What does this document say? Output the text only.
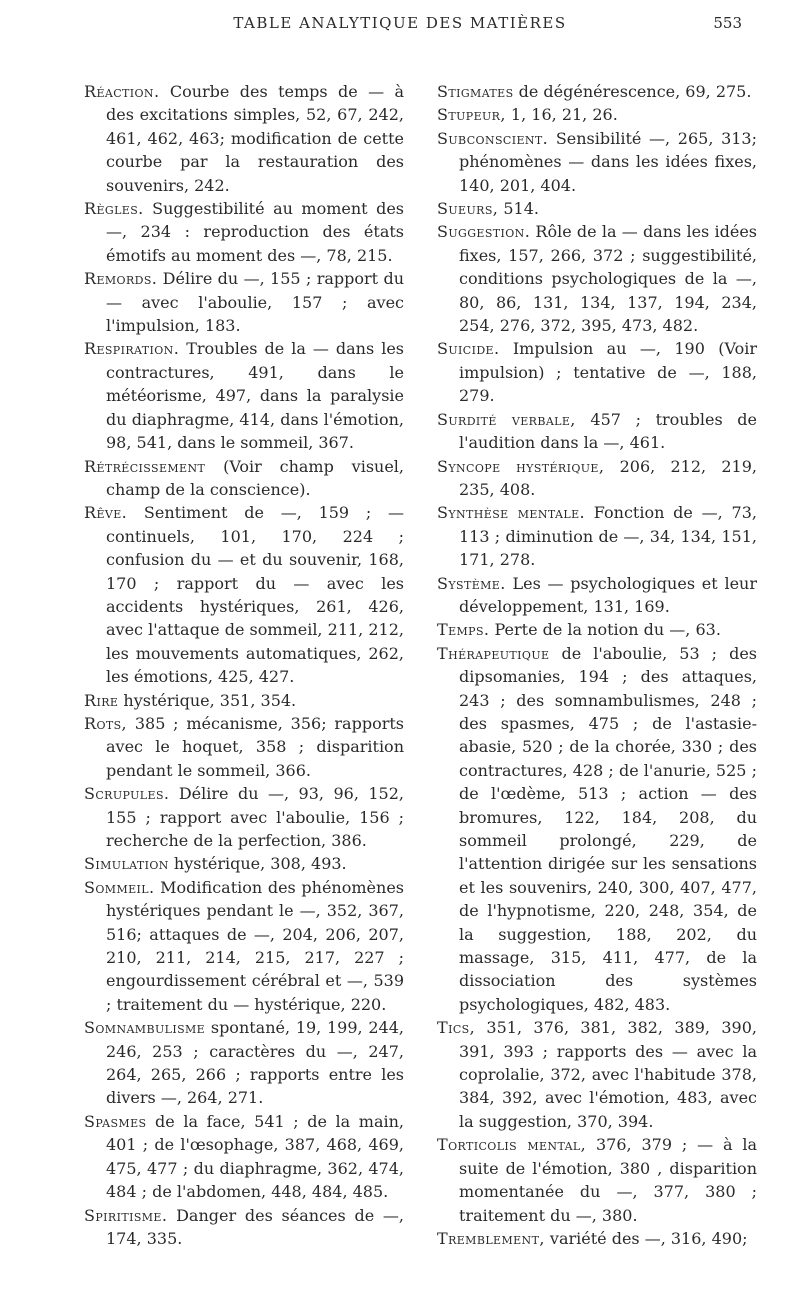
TABLE ANALYTIQUE DES MATIÈRES	553

Réaction. Courbe des temps de — à des excitations simples, 52, 67, 242, 461, 462, 463; modification de cette courbe par la restauration des souvenirs, 242.

Règles. Suggestibilité au moment des —, 234 : reproduction des états émotifs au moment des —, 78, 215.

Remords. Délire du —, 155 ; rapport du — avec l'aboulie, 157 ; avec l'impulsion, 183.

Respiration. Troubles de la — dans les contractures, 491, dans le météorisme, 497, dans la paralysie du diaphragme, 414, dans l'émotion, 98, 541, dans le sommeil, 367.

Rétrécissement (Voir champ visuel, champ de la conscience).

Rêve. Sentiment de —, 159 ; — continuels, 101, 170, 224 ; confusion du — et du souvenir, 168, 170 ; rapport du — avec les accidents hystériques, 261, 426, avec l'attaque de sommeil, 211, 212, les mouvements automatiques, 262, les émotions, 425, 427.

Rire hystérique, 351, 354.

Rots, 385 ; mécanisme, 356; rapports avec le hoquet, 358 ; disparition pendant le sommeil, 366.

Scrupules. Délire du —, 93, 96, 152, 155 ; rapport avec l'aboulie, 156 ; recherche de la perfection, 386.

Simulation hystérique, 308, 493.

Sommeil. Modification des phénomènes hystériques pendant le —, 352, 367, 516; attaques de —, 204, 206, 207, 210, 211, 214, 215, 217, 227 ; engourdissement cérébral et —, 539 ; traitement du — hystérique, 220.

Somnambulisme spontané, 19, 199, 244, 246, 253 ; caractères du —, 247, 264, 265, 266 ; rapports entre les divers —, 264, 271.

Spasmes de la face, 541 ; de la main, 401 ; de l'œsophage, 387, 468, 469, 475, 477 ; du diaphragme, 362, 474, 484 ; de l'abdomen, 448, 484, 485.

Spiritisme. Danger des séances de —, 174, 335.

Stigmates de dégénérescence, 69, 275.

Stupeur, 1, 16, 21, 26.

Subconscient. Sensibilité —, 265, 313; phénomènes — dans les idées fixes, 140, 201, 404.

Sueurs, 514.

Suggestion. Rôle de la — dans les idées fixes, 157, 266, 372 ; suggestibilité, conditions psychologiques de la —, 80, 86, 131, 134, 137, 194, 234, 254, 276, 372, 395, 473, 482.

Suicide. Impulsion au —, 190 (Voir impulsion) ; tentative de —, 188, 279.

Surdité verbale, 457 ; troubles de l'audition dans la —, 461.

Syncope hystérique, 206, 212, 219, 235, 408.

Synthèse mentale. Fonction de —, 73, 113 ; diminution de —, 34, 134, 151, 171, 278.

Système. Les — psychologiques et leur développement, 131, 169.

Temps. Perte de la notion du —, 63.

Thérapeutique de l'aboulie, 53 ; des dipsomanies, 194 ; des attaques, 243 ; des somnambulismes, 248 ; des spasmes, 475 ; de l'astasie-abasie, 520 ; de la chorée, 330 ; des contractures, 428 ; de l'anurie, 525 ; de l'œdème, 513 ; action — des bromures, 122, 184, 208, du sommeil prolongé, 229, de l'attention dirigée sur les sensations et les souvenirs, 240, 300, 407, 477, de l'hypnotisme, 220, 248, 354, de la suggestion, 188, 202, du massage, 315, 411, 477, de la dissociation des systèmes psychologiques, 482, 483.

Tics, 351, 376, 381, 382, 389, 390, 391, 393 ; rapports des — avec la coprolalie, 372, avec l'habitude 378, 384, 392, avec l'émotion, 483, avec la suggestion, 370, 394.

Torticolis mental, 376, 379 ; — à la suite de l'émotion, 380 , disparition momentanée du —, 377, 380 ; traitement du —, 380.

Tremblement, variété des —, 316, 490;
